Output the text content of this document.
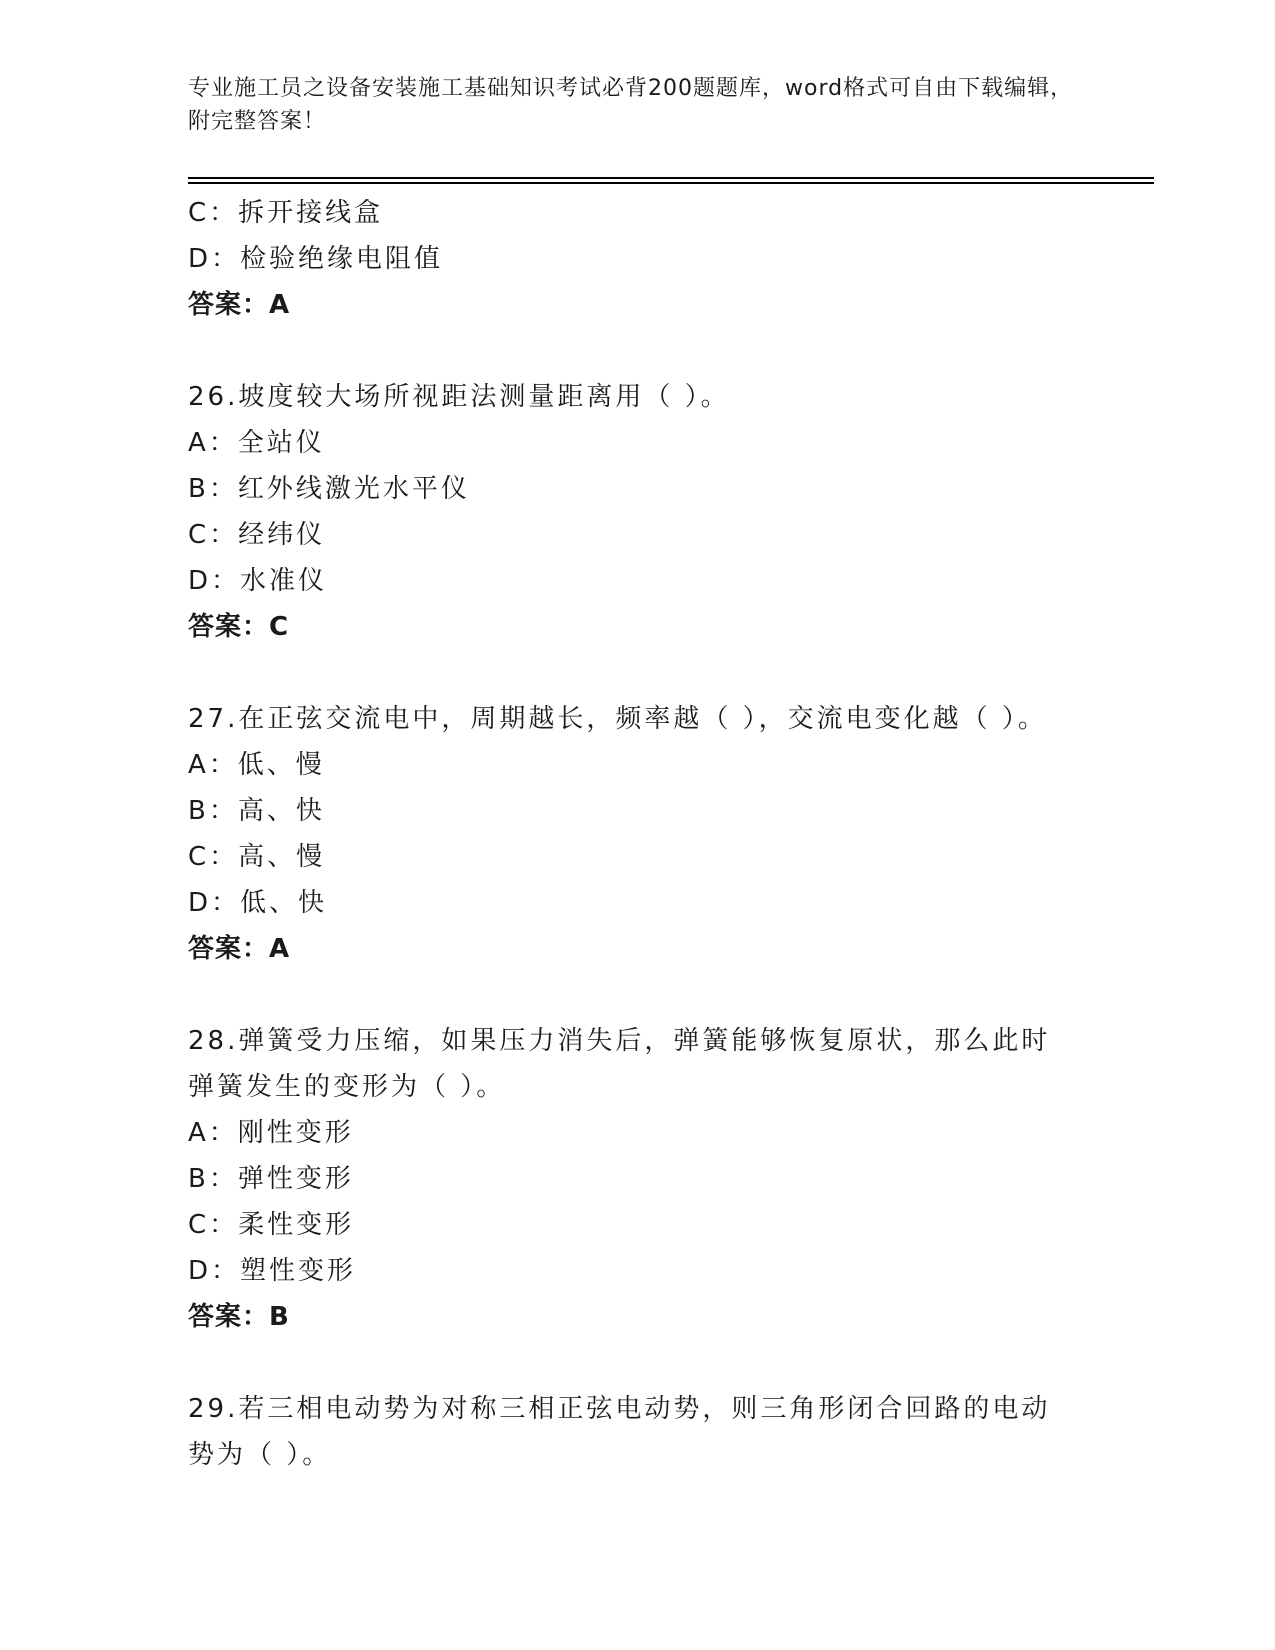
专业施工员之设备安装施工基础知识考试必背200题题库，word格式可自由下载编辑，附完整答案！
C：拆开接线盒
D：检验绝缘电阻值
答案：A
26.坡度较大场所视距法测量距离用（ ）。
A：全站仪
B：红外线激光水平仪
C：经纬仪
D：水准仪
答案：C
27.在正弦交流电中，周期越长，频率越（ ），交流电变化越（ ）。
A：低、慢
B：高、快
C：高、慢
D：低、快
答案：A
28.弹簧受力压缩，如果压力消失后，弹簧能够恢复原状，那么此时弹簧发生的变形为（ ）。
A：刚性变形
B：弹性变形
C：柔性变形
D：塑性变形
答案：B
29.若三相电动势为对称三相正弦电动势，则三角形闭合回路的电动势为（ ）。
